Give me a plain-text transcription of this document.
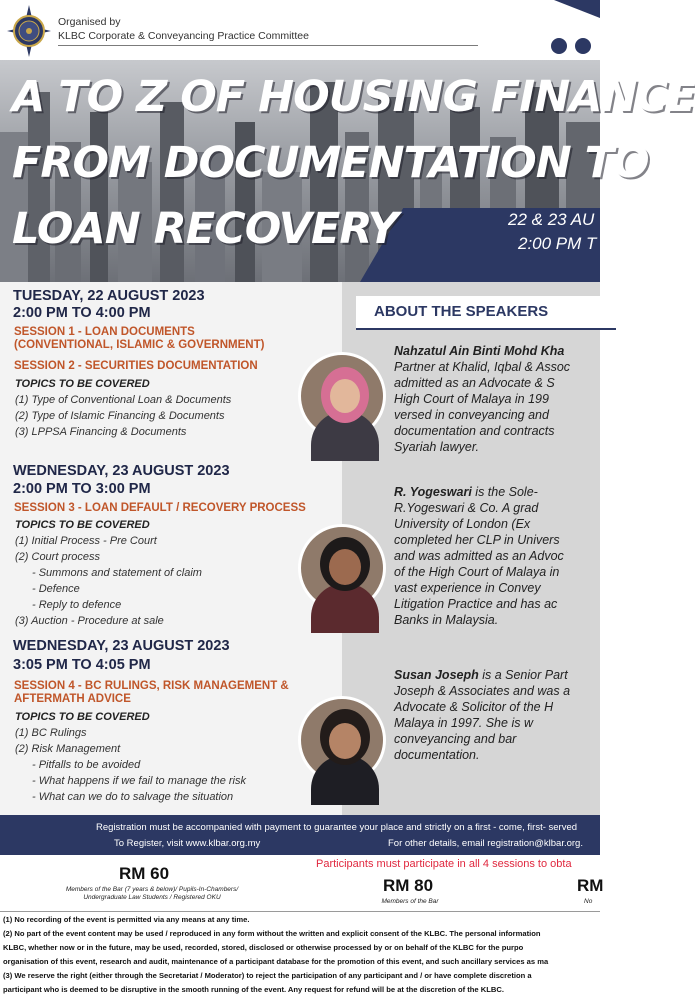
Organised by
KLBC Corporate & Conveyancing Practice Committee
A TO Z OF HOUSING FINANCE
FROM DOCUMENTATION TO
LOAN RECOVERY	22 & 23 AU
2:00 PM T
TUESDAY, 22 AUGUST 2023
2:00 PM TO 4:00 PM
SESSION 1 - LOAN DOCUMENTS
(CONVENTIONAL, ISLAMIC & GOVERNMENT)
SESSION 2 - SECURITIES DOCUMENTATION
TOPICS TO BE COVERED
(1) Type of Conventional Loan & Documents
(2) Type of Islamic Financing & Documents
(3) LPPSA Financing & Documents
WEDNESDAY, 23 AUGUST 2023
2:00 PM TO 3:00 PM
SESSION 3 - LOAN DEFAULT / RECOVERY PROCESS
TOPICS TO BE COVERED
(1) Initial Process - Pre Court
(2) Court process
- Summons and statement of claim
- Defence
- Reply to defence
(3) Auction - Procedure at sale
WEDNESDAY, 23 AUGUST 2023
3:05 PM TO 4:05 PM
SESSION 4 - BC RULINGS, RISK MANAGEMENT &
AFTERMATH ADVICE
TOPICS TO BE COVERED
(1) BC Rulings
(2) Risk Management
- Pitfalls to be avoided
- What happens if we fail to manage the risk
- What can we do to salvage the situation
ABOUT THE SPEAKERS
Nahzatul Ain Binti Mohd Kha
Partner at Khalid, Iqbal & Assoc
admitted as an Advocate & S
High Court of Malaya in 199
versed in conveyancing and
documentation and contracts
Syariah lawyer.
R. Yogeswari is the Sole-
R.Yogeswari & Co. A grad
University of London (Ex
completed her CLP in Univers
and was admitted as an Advoc
of the High Court of Malaya in
vast experience in Convey
Litigation Practice and has ac
Banks in Malaysia.
Susan Joseph is a Senior Part
Joseph & Associates and was a
Advocate & Solicitor of the H
Malaya in 1997. She is w
conveyancing and bar
documentation.
Registration must be accompanied with payment to guarantee your place and strictly on a first - come, first- served
To Register, visit www.klbar.org.my	For other details, email registration@klbar.org.
Participants must participate in all 4 sessions to obta
RM 60
Members of the Bar (7 years & below)/ Pupils-In-Chambers/
Undergraduate Law Students / Registered OKU
RM 80
Members of the Bar
RM
No
(1) No recording of the event is permitted via any means at any time.
(2) No part of the event content may be used / reproduced in any form without the written and explicit consent of the KLBC. The personal information
KLBC, whether now or in the future, may be used, recorded, stored, disclosed or otherwise processed by or on behalf of the KLBC for the purpo
organisation of this event, research and audit, maintenance of a participant database for the promotion of this event, and such ancillary services as ma
(3) We reserve the right (either through the Secretariat / Moderator) to reject the participation of any participant and / or have complete discretion a
participant who is deemed to be disruptive in the smooth running of the event. Any request for refund will be at the discretion of the KLBC.
